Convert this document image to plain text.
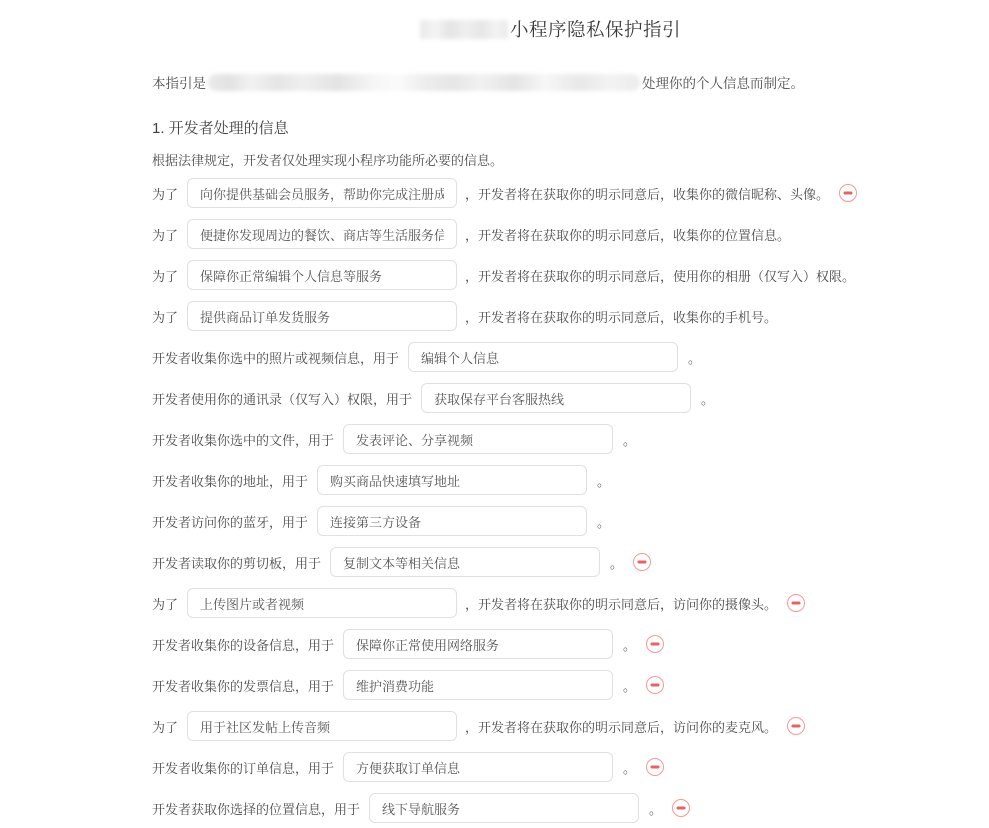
小程序隐私保护指引
本指引是	处理你的个人信息而制定。
1. 开发者处理的信息
根据法律规定，开发者仅处理实现小程序功能所必要的信息。
为了
向你提供基础会员服务，帮助你完成注册成	，开发者将在获取你的明示同意后，收集你的微信昵称、头像。
为了
便捷你发现周边的餐饮、商店等生活服务信	，开发者将在获取你的明示同意后，收集你的位置信息。
为了
保障你正常编辑个人信息等服务	，开发者将在获取你的明示同意后，使用你的相册（仅写入）权限。
为了
提供商品订单发货服务	，开发者将在获取你的明示同意后，收集你的手机号。
开发者收集你选中的照片或视频信息，用于
编辑个人信息	。
开发者使用你的通讯录（仅写入）权限，用于
获取保存平台客服热线	。
开发者收集你选中的文件，用于
发表评论、分享视频	。
开发者收集你的地址，用于
购买商品快速填写地址	。
开发者访问你的蓝牙，用于
连接第三方设备	。
开发者读取你的剪切板，用于
复制文本等相关信息	。
为了
上传图片或者视频	，开发者将在获取你的明示同意后，访问你的摄像头。
开发者收集你的设备信息，用于
保障你正常使用网络服务	。
开发者收集你的发票信息，用于
维护消费功能	。
为了
用于社区发帖上传音频	，开发者将在获取你的明示同意后，访问你的麦克风。
开发者收集你的订单信息，用于
方便获取订单信息	。
开发者获取你选择的位置信息，用于
线下导航服务	。
